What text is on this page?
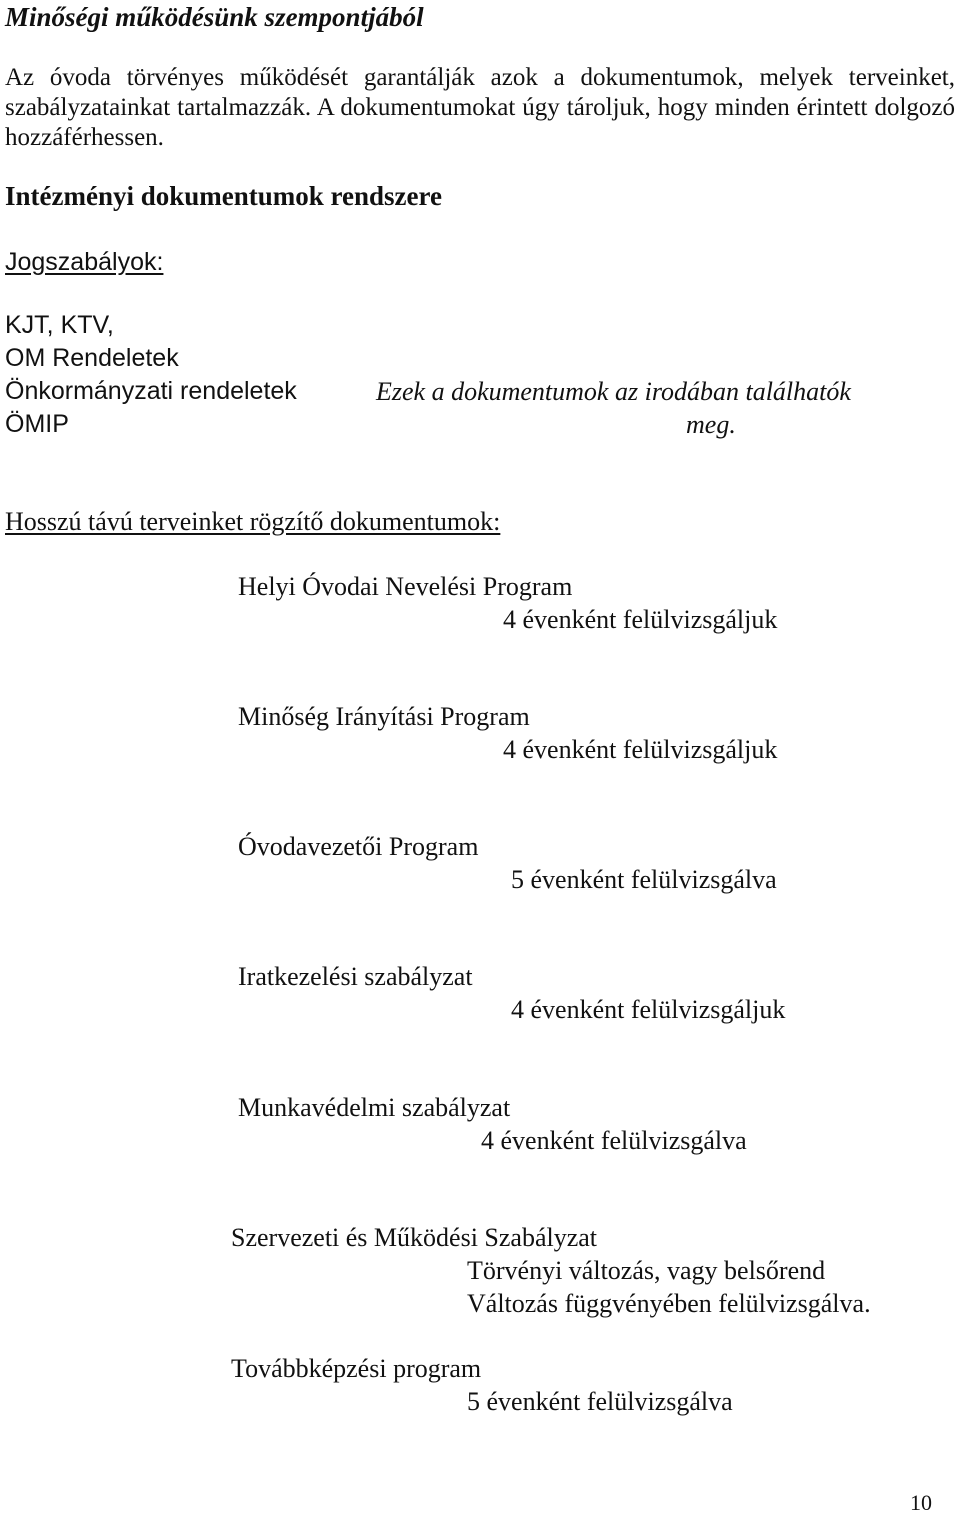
Minőségi működésünk szempontjából

Az óvoda törvényes működését garantálják azok a dokumentumok, melyek terveinket, szabályzatainkat tartalmazzák. A dokumentumokat úgy tároljuk, hogy minden érintett dolgozó hozzáférhessen.

Intézményi dokumentumok rendszere
Jogszabályok:
KJT, KTV,
OM Rendeletek
Önkormányzati rendeletek
ÖMIP
Ezek a dokumentumok az irodában találhatók
meg.
Hosszú távú terveinket rögzítő dokumentumok:
Helyi Óvodai Nevelési Program
4 évenként felülvizsgáljuk
Minőség Irányítási Program
4 évenként felülvizsgáljuk
Óvodavezetői Program
5 évenként felülvizsgálva
Iratkezelési szabályzat
4 évenként felülvizsgáljuk
Munkavédelmi szabályzat
4 évenként felülvizsgálva
Szervezeti és Működési Szabályzat
Törvényi változás, vagy belsőrend
Változás függvényében felülvizsgálva.
Továbbképzési program
5 évenként felülvizsgálva
10
